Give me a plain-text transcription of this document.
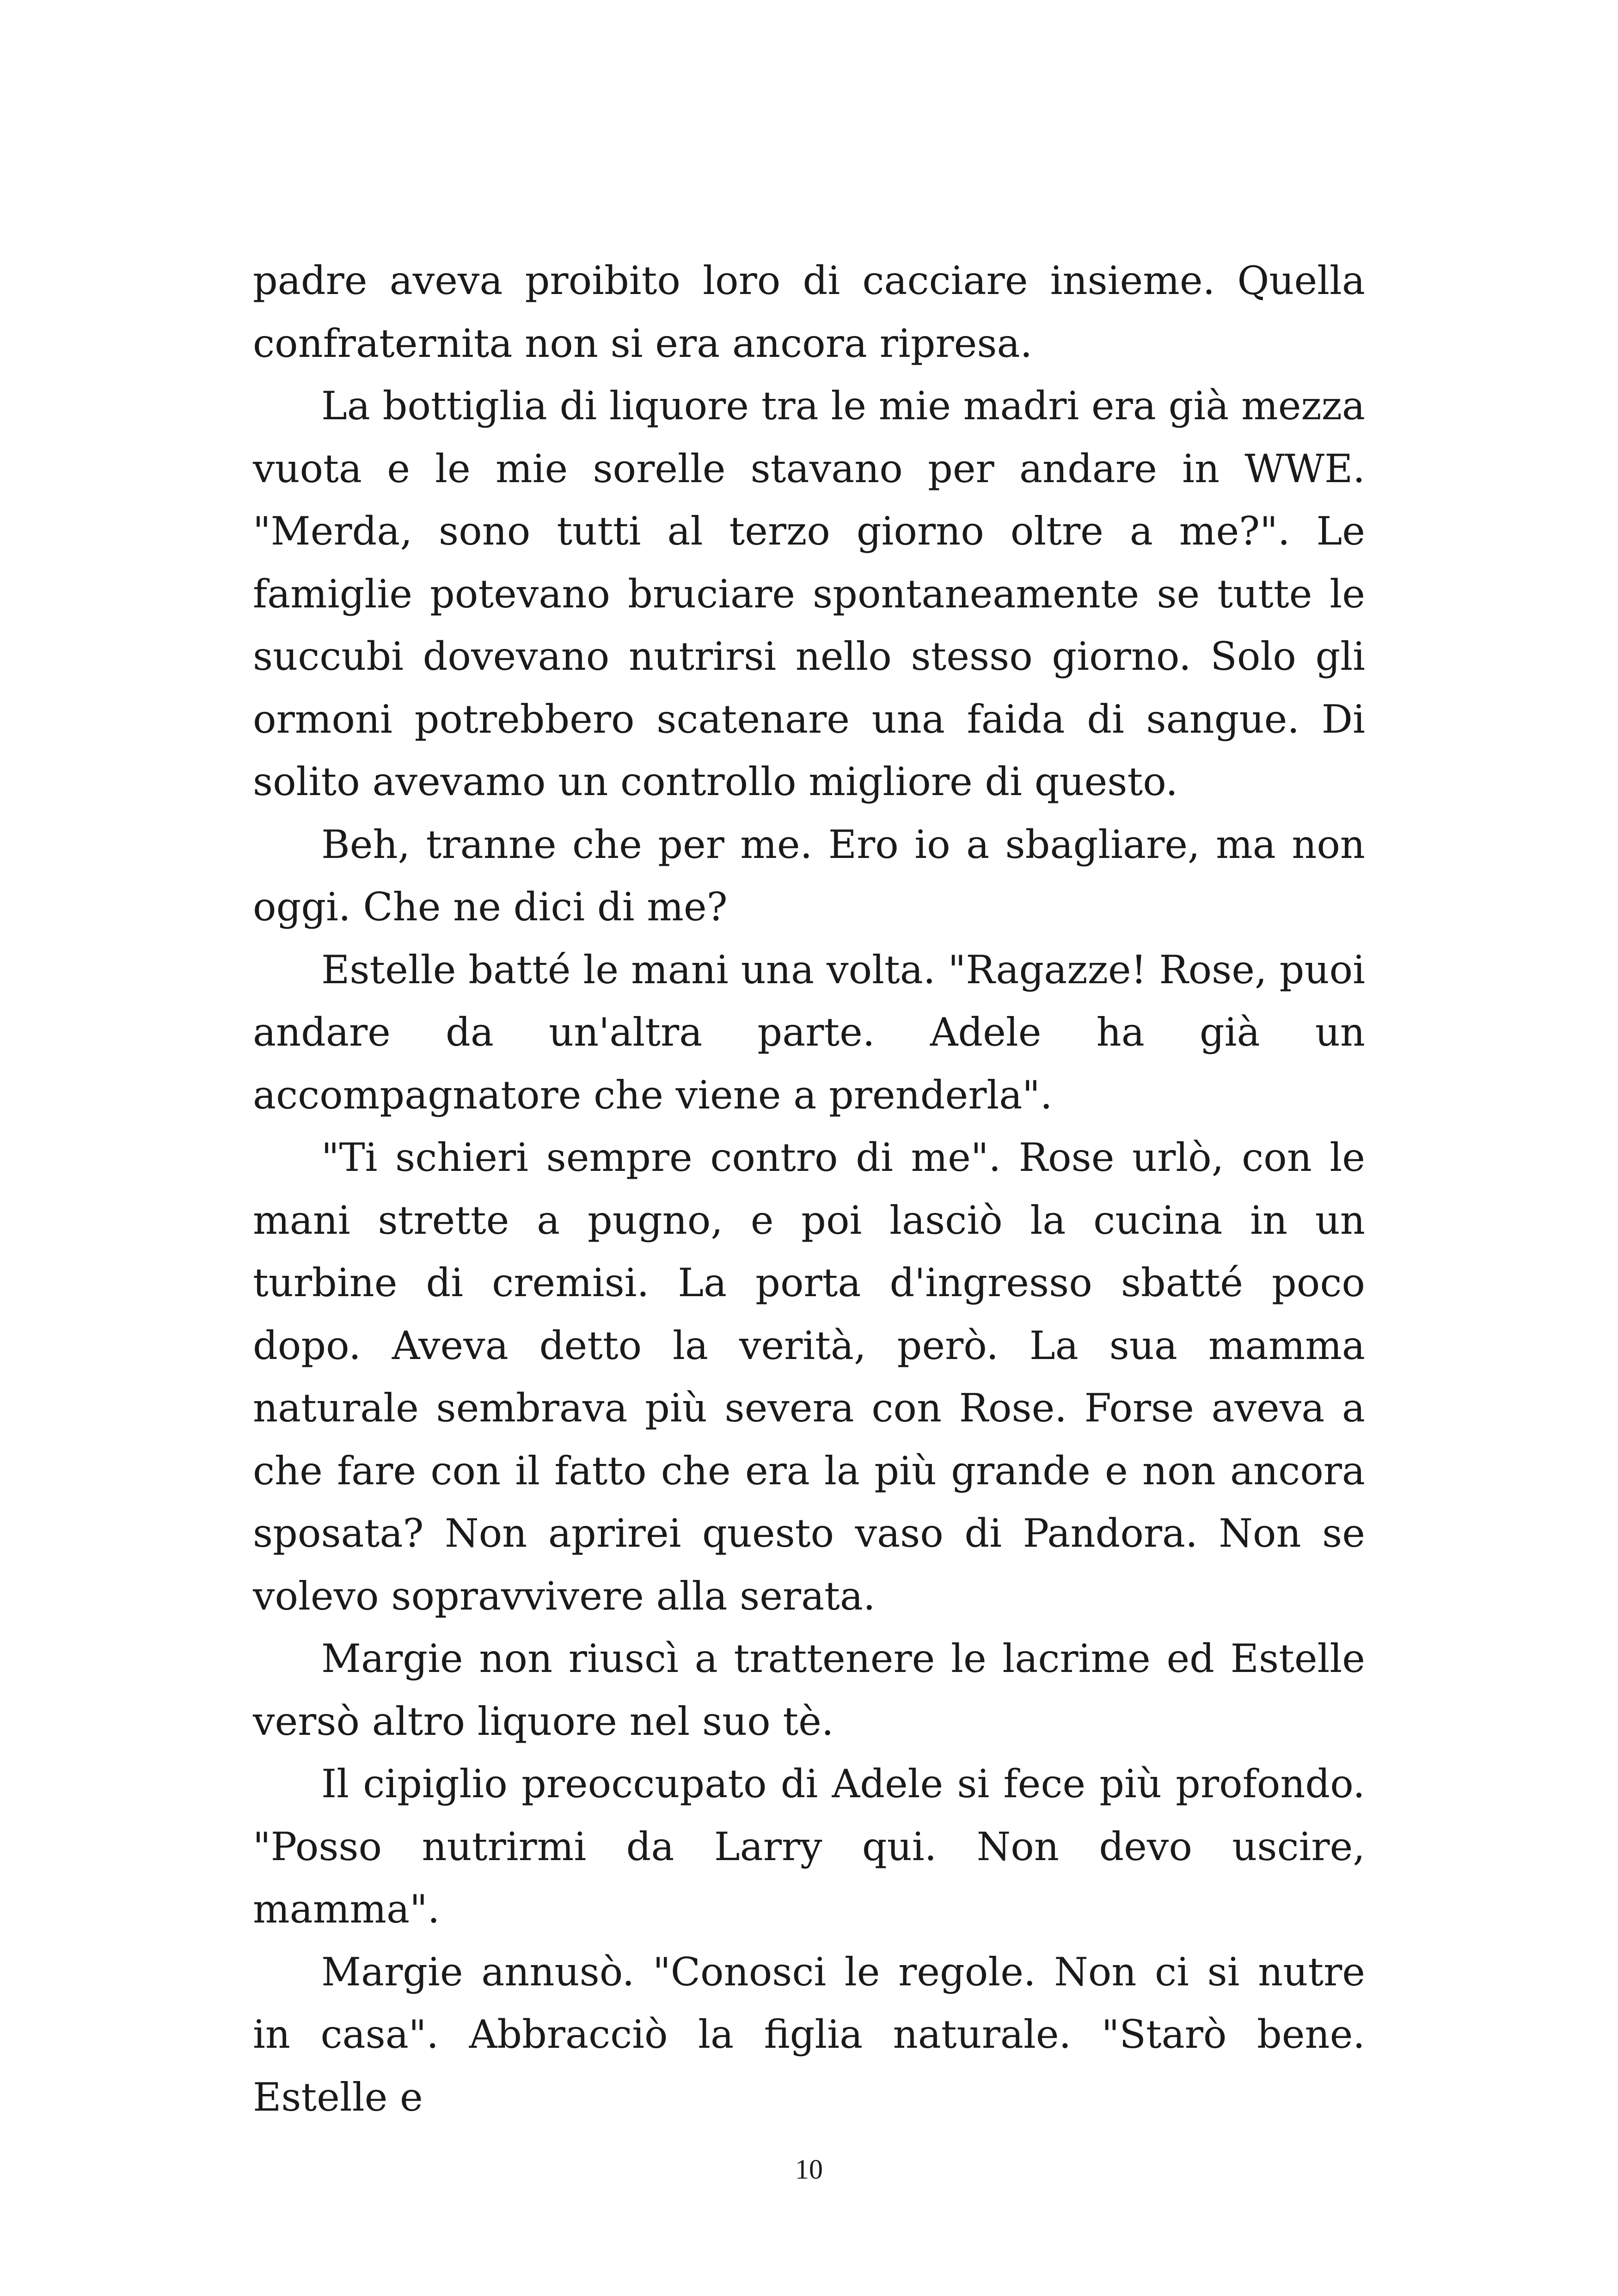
padre aveva proibito loro di cacciare insieme. Quella confraternita non si era ancora ripresa.

La bottiglia di liquore tra le mie madri era già mezza vuota e le mie sorelle stavano per andare in WWE. "Merda, sono tutti al terzo giorno oltre a me?". Le famiglie potevano bruciare spontaneamente se tutte le succubi dovevano nutrirsi nello stesso giorno. Solo gli ormoni potrebbero scatenare una faida di sangue. Di solito avevamo un controllo migliore di questo.

Beh, tranne che per me. Ero io a sbagliare, ma non oggi. Che ne dici di me?

Estelle batté le mani una volta. "Ragazze! Rose, puoi andare da un'altra parte. Adele ha già un accompagnatore che viene a prenderla".

"Ti schieri sempre contro di me". Rose urlò, con le mani strette a pugno, e poi lasciò la cucina in un turbine di cremisi. La porta d'ingresso sbatté poco dopo. Aveva detto la verità, però. La sua mamma naturale sembrava più severa con Rose. Forse aveva a che fare con il fatto che era la più grande e non ancora sposata? Non aprirei questo vaso di Pandora. Non se volevo sopravvivere alla serata.

Margie non riuscì a trattenere le lacrime ed Estelle versò altro liquore nel suo tè.

Il cipiglio preoccupato di Adele si fece più profondo. "Posso nutrirmi da Larry qui. Non devo uscire, mamma".

Margie annusò. "Conosci le regole. Non ci si nutre in casa". Abbracciò la figlia naturale. "Starò bene. Estelle e

10
